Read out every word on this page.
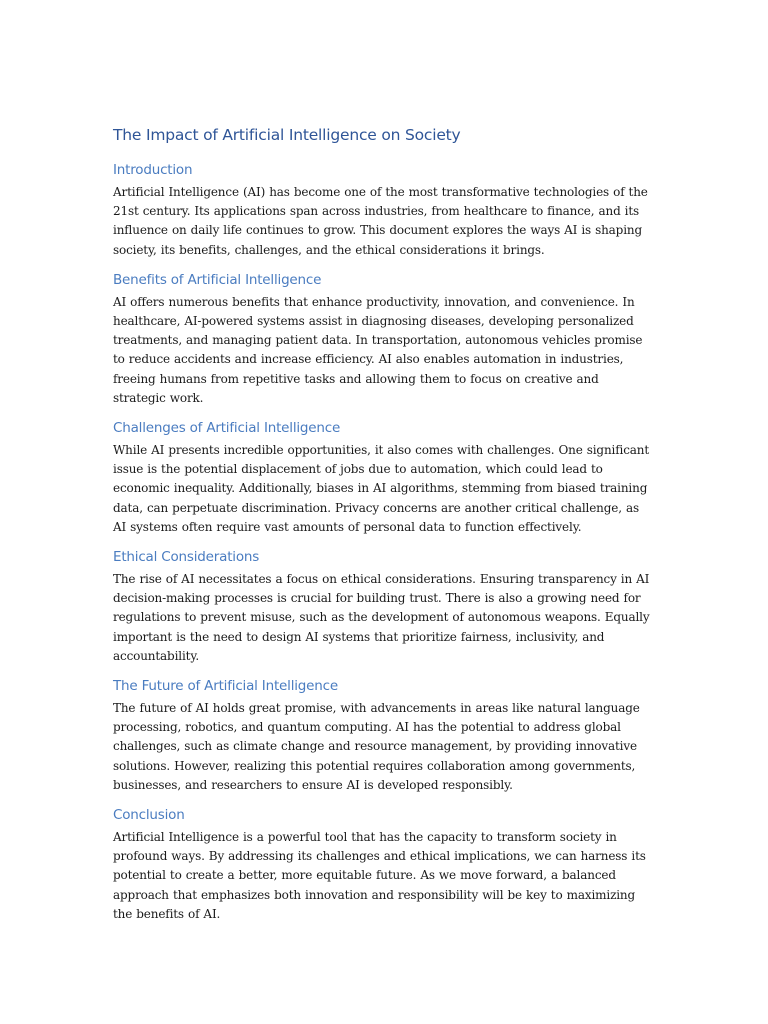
The Impact of Artificial Intelligence on Society
Introduction

Artificial Intelligence (AI) has become one of the most transformative technologies of the 21st century. Its applications span across industries, from healthcare to finance, and its influence on daily life continues to grow. This document explores the ways AI is shaping society, its benefits, challenges, and the ethical considerations it brings.

Benefits of Artificial Intelligence

AI offers numerous benefits that enhance productivity, innovation, and convenience. In healthcare, AI-powered systems assist in diagnosing diseases, developing personalized treatments, and managing patient data. In transportation, autonomous vehicles promise to reduce accidents and increase efficiency. AI also enables automation in industries, freeing humans from repetitive tasks and allowing them to focus on creative and strategic work.

Challenges of Artificial Intelligence

While AI presents incredible opportunities, it also comes with challenges. One significant issue is the potential displacement of jobs due to automation, which could lead to economic inequality. Additionally, biases in AI algorithms, stemming from biased training data, can perpetuate discrimination. Privacy concerns are another critical challenge, as AI systems often require vast amounts of personal data to function effectively.

Ethical Considerations

The rise of AI necessitates a focus on ethical considerations. Ensuring transparency in AI decision-making processes is crucial for building trust. There is also a growing need for regulations to prevent misuse, such as the development of autonomous weapons. Equally important is the need to design AI systems that prioritize fairness, inclusivity, and accountability.

The Future of Artificial Intelligence

The future of AI holds great promise, with advancements in areas like natural language processing, robotics, and quantum computing. AI has the potential to address global challenges, such as climate change and resource management, by providing innovative solutions. However, realizing this potential requires collaboration among governments, businesses, and researchers to ensure AI is developed responsibly.

Conclusion

Artificial Intelligence is a powerful tool that has the capacity to transform society in profound ways. By addressing its challenges and ethical implications, we can harness its potential to create a better, more equitable future. As we move forward, a balanced approach that emphasizes both innovation and responsibility will be key to maximizing the benefits of AI.
